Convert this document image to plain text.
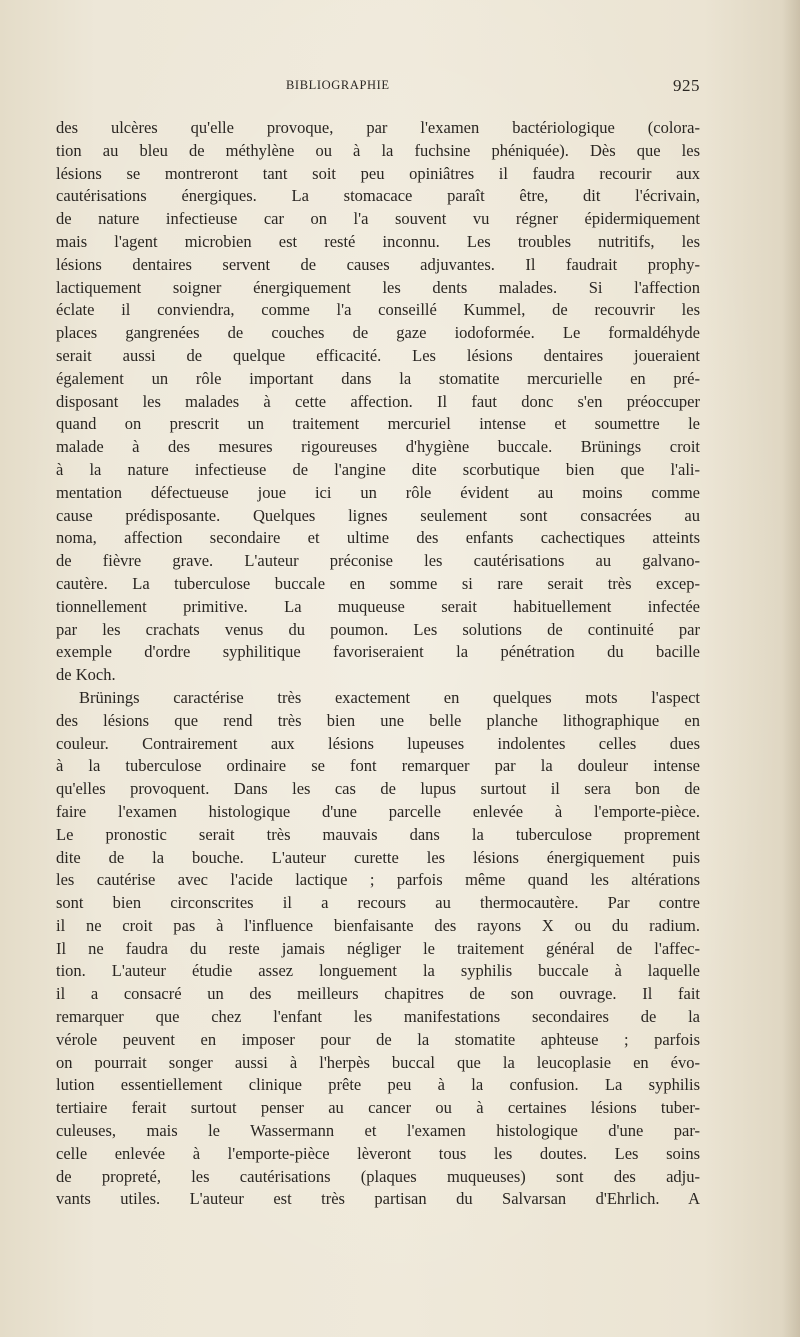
BIBLIOGRAPHIE	925
des ulcères qu'elle provoque, par l'examen bactériologique (colora-
tion au bleu de méthylène ou à la fuchsine phéniquée). Dès que les
lésions se montreront tant soit peu opiniâtres il faudra recourir aux
cautérisations énergiques. La stomacace paraît être, dit l'écrivain,
de nature infectieuse car on l'a souvent vu régner épidermiquement
mais l'agent microbien est resté inconnu. Les troubles nutritifs, les
lésions dentaires servent de causes adjuvantes. Il faudrait prophy-
lactiquement soigner énergiquement les dents malades. Si l'affection
éclate il conviendra, comme l'a conseillé Kummel, de recouvrir les
places gangrenées de couches de gaze iodoformée. Le formaldéhyde
serait aussi de quelque efficacité. Les lésions dentaires joueraient
également un rôle important dans la stomatite mercurielle en pré-
disposant les malades à cette affection. Il faut donc s'en préoccuper
quand on prescrit un traitement mercuriel intense et soumettre le
malade à des mesures rigoureuses d'hygiène buccale. Brünings croit
à la nature infectieuse de l'angine dite scorbutique bien que l'ali-
mentation défectueuse joue ici un rôle évident au moins comme
cause prédisposante. Quelques lignes seulement sont consacrées au
noma, affection secondaire et ultime des enfants cachectiques atteints
de fièvre grave. L'auteur préconise les cautérisations au galvano-
cautère. La tuberculose buccale en somme si rare serait très excep-
tionnellement primitive. La muqueuse serait habituellement infectée
par les crachats venus du poumon. Les solutions de continuité par
exemple d'ordre syphilitique favoriseraient la pénétration du bacille
de Koch.
Brünings caractérise très exactement en quelques mots l'aspect
des lésions que rend très bien une belle planche lithographique en
couleur. Contrairement aux lésions lupeuses indolentes celles dues
à la tuberculose ordinaire se font remarquer par la douleur intense
qu'elles provoquent. Dans les cas de lupus surtout il sera bon de
faire l'examen histologique d'une parcelle enlevée à l'emporte-pièce.
Le pronostic serait très mauvais dans la tuberculose proprement
dite de la bouche. L'auteur curette les lésions énergiquement puis
les cautérise avec l'acide lactique ; parfois même quand les altérations
sont bien circonscrites il a recours au thermocautère. Par contre
il ne croit pas à l'influence bienfaisante des rayons X ou du radium.
Il ne faudra du reste jamais négliger le traitement général de l'affec-
tion. L'auteur étudie assez longuement la syphilis buccale à laquelle
il a consacré un des meilleurs chapitres de son ouvrage. Il fait
remarquer que chez l'enfant les manifestations secondaires de la
vérole peuvent en imposer pour de la stomatite aphteuse ; parfois
on pourrait songer aussi à l'herpès buccal que la leucoplasie en évo-
lution essentiellement clinique prête peu à la confusion. La syphilis
tertiaire ferait surtout penser au cancer ou à certaines lésions tuber-
culeuses, mais le Wassermann et l'examen histologique d'une par-
celle enlevée à l'emporte-pièce lèveront tous les doutes. Les soins
de propreté, les cautérisations (plaques muqueuses) sont des adju-
vants utiles. L'auteur est très partisan du Salvarsan d'Ehrlich. A
